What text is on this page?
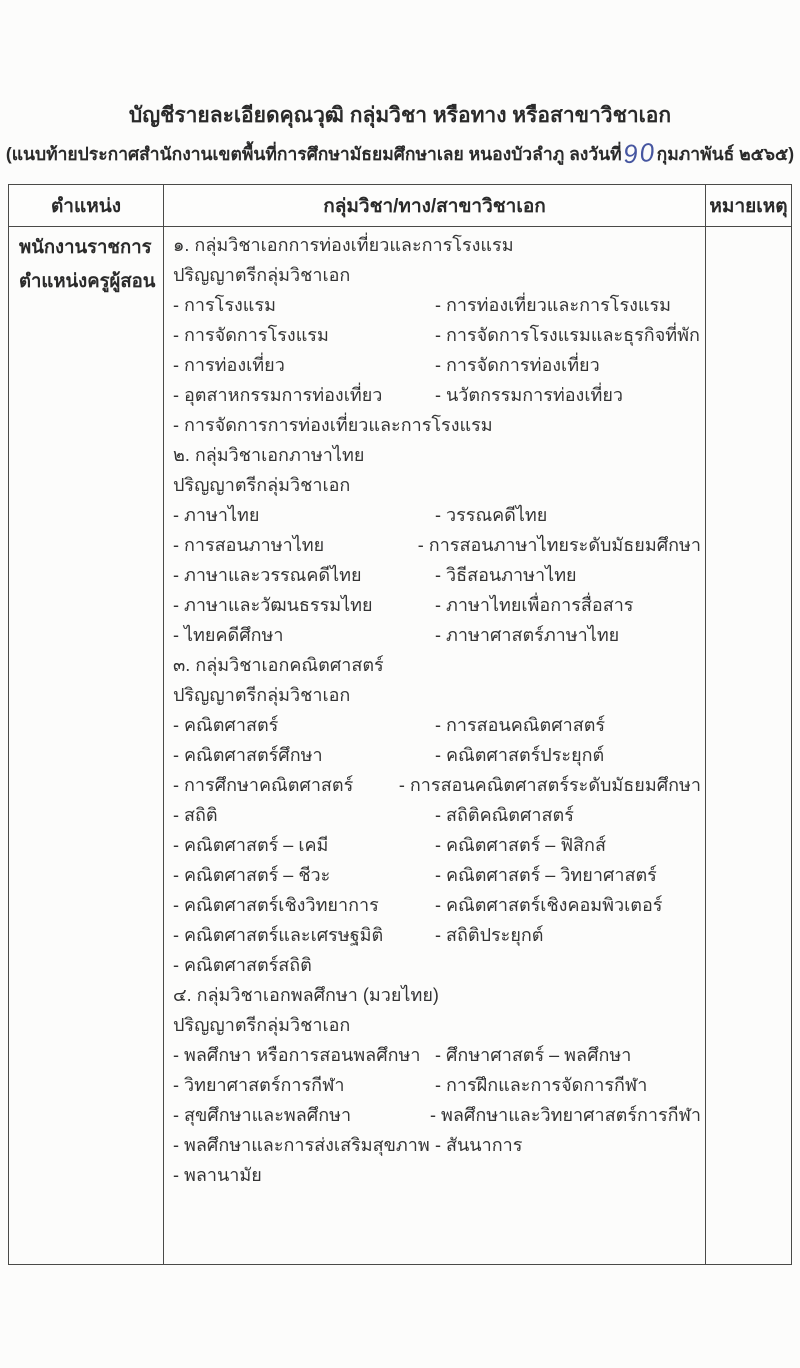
บัญชีรายละเอียดคุณวุฒิ กลุ่มวิชา หรือทาง หรือสาขาวิชาเอก
(แนบท้ายประกาศสำนักงานเขตพื้นที่การศึกษามัธยมศึกษาเลย หนองบัวลำภู ลงวันที่90กุมภาพันธ์ ๒๕๖๕)
ตำแหน่ง	กลุ่มวิชา/ทาง/สาขาวิชาเอก	หมายเหตุ

พนักงานราชการ
ตำแหน่งครูผู้สอน

๑. กลุ่มวิชาเอกการท่องเที่ยวและการโรงแรม
ปริญญาตรีกลุ่มวิชาเอก
- การโรงแรม	- การท่องเที่ยวและการโรงแรม
- การจัดการโรงแรม	- การจัดการโรงแรมและธุรกิจที่พัก
- การท่องเที่ยว	- การจัดการท่องเที่ยว
- อุตสาหกรรมการท่องเที่ยว	- นวัตกรรมการท่องเที่ยว
- การจัดการการท่องเที่ยวและการโรงแรม
๒. กลุ่มวิชาเอกภาษาไทย
ปริญญาตรีกลุ่มวิชาเอก
- ภาษาไทย	- วรรณคดีไทย
- การสอนภาษาไทย	- การสอนภาษาไทยระดับมัธยมศึกษา
- ภาษาและวรรณคดีไทย	- วิธีสอนภาษาไทย
- ภาษาและวัฒนธรรมไทย	- ภาษาไทยเพื่อการสื่อสาร
- ไทยคดีศึกษา	- ภาษาศาสตร์ภาษาไทย
๓. กลุ่มวิชาเอกคณิตศาสตร์
ปริญญาตรีกลุ่มวิชาเอก
- คณิตศาสตร์	- การสอนคณิตศาสตร์
- คณิตศาสตร์ศึกษา	- คณิตศาสตร์ประยุกต์
- การศึกษาคณิตศาสตร์	- การสอนคณิตศาสตร์ระดับมัธยมศึกษา
- สถิติ	- สถิติคณิตศาสตร์
- คณิตศาสตร์ – เคมี	- คณิตศาสตร์ – ฟิสิกส์
- คณิตศาสตร์ – ชีวะ	- คณิตศาสตร์ – วิทยาศาสตร์
- คณิตศาสตร์เชิงวิทยาการ	- คณิตศาสตร์เชิงคอมพิวเตอร์
- คณิตศาสตร์และเศรษฐมิติ	- สถิติประยุกต์
- คณิตศาสตร์สถิติ
๔. กลุ่มวิชาเอกพลศึกษา (มวยไทย)
ปริญญาตรีกลุ่มวิชาเอก
- พลศึกษา หรือการสอนพลศึกษา - ศึกษาศาสตร์ – พลศึกษา
- วิทยาศาสตร์การกีฬา	- การฝึกและการจัดการกีฬา
- สุขศึกษาและพลศึกษา	- พลศึกษาและวิทยาศาสตร์การกีฬา
- พลศึกษาและการส่งเสริมสุขภาพ - สันนาการ
- พลานามัย
